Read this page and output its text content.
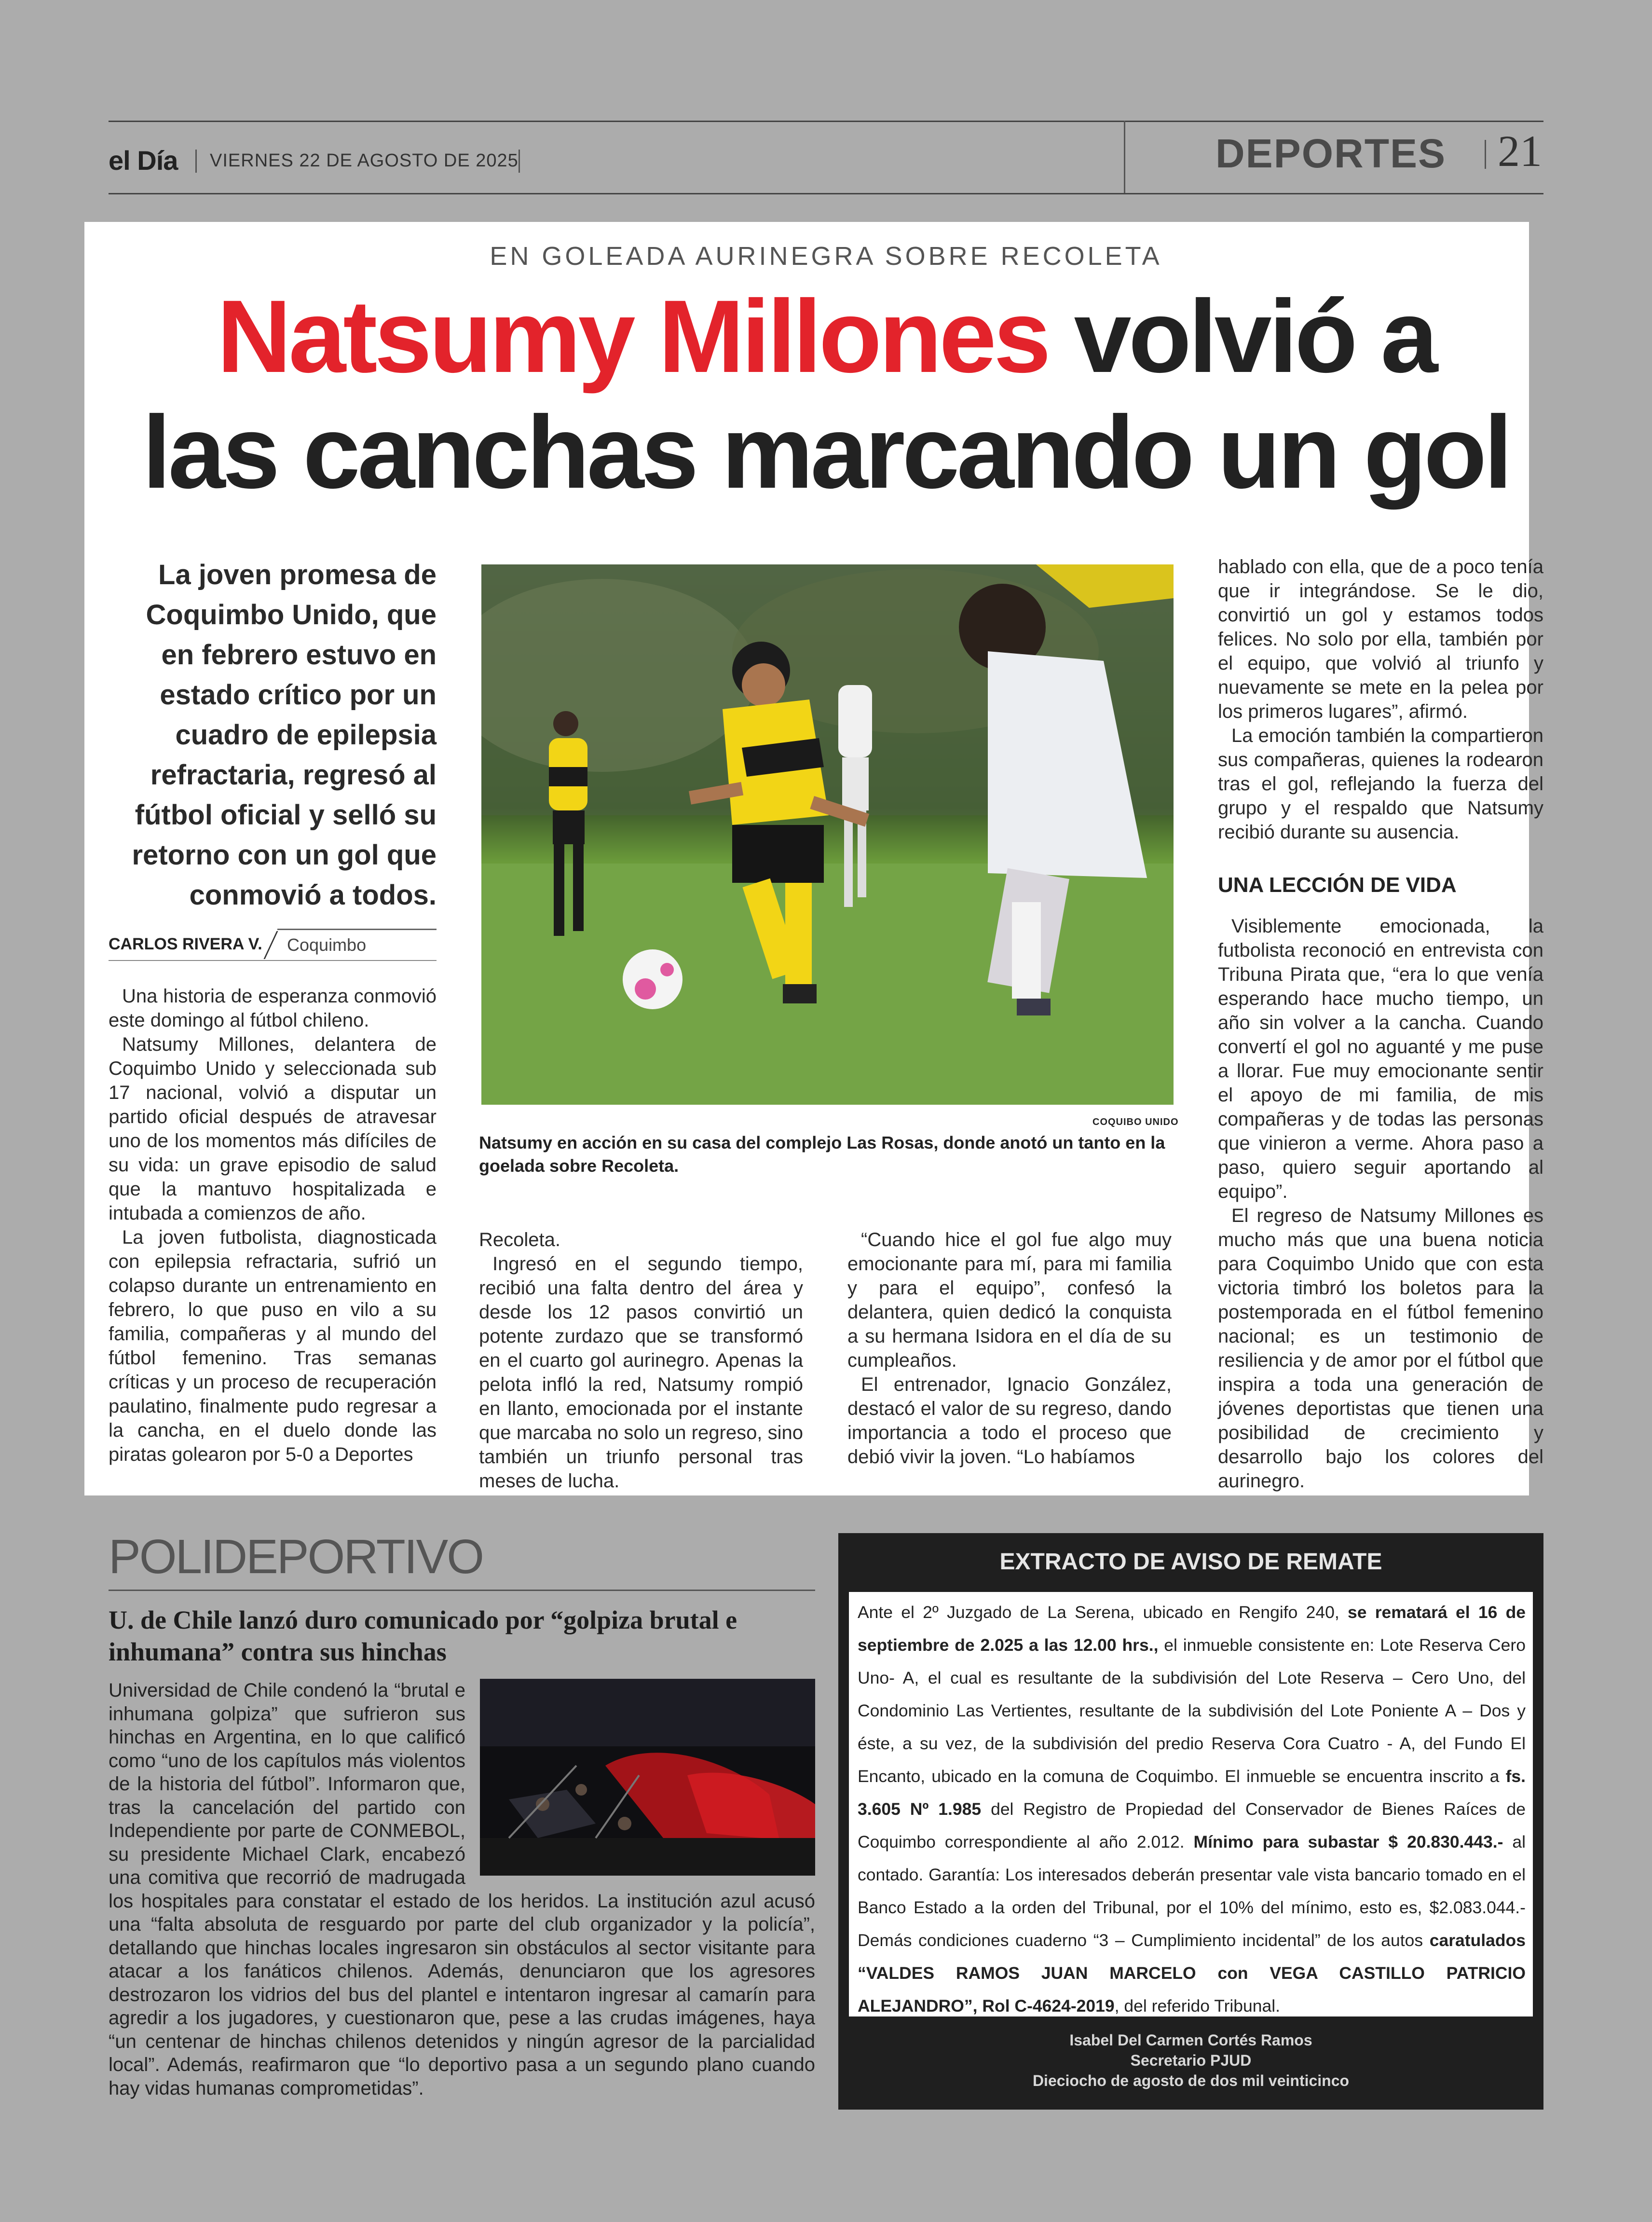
el Día VIERNES 22 DE AGOSTO DE 2025	DEPORTES 21
EN GOLEADA AURINEGRA SOBRE RECOLETA
Natsumy Millones volvió a
las canchas marcando un gol
La joven promesa de Coquimbo Unido, que en febrero estuvo en estado crítico por un cuadro de epilepsia refractaria, regresó al fútbol oficial y selló su retorno con un gol que conmovió a todos.
CARLOS RIVERA V. Coquimbo

Una historia de esperanza conmovió este domingo al fútbol chileno.

Natsumy Millones, delantera de Coquimbo Unido y seleccionada sub 17 nacional, volvió a disputar un partido oficial después de atravesar uno de los momentos más difíciles de su vida: un grave episodio de salud que la mantuvo hospitalizada e intubada a comienzos de año.

La joven futbolista, diagnosticada con epilepsia refractaria, sufrió un colapso durante un entrenamiento en febrero, lo que puso en vilo a su familia, compañeras y al mundo del fútbol femenino. Tras semanas críticas y un proceso de recuperación paulatino, finalmente pudo regresar a la cancha, en el duelo donde las piratas golearon por 5-0 a Deportes

COQUIBO UNIDO
Natsumy en acción en su casa del complejo Las Rosas, donde anotó un tanto en la goelada sobre Recoleta.

Recoleta.

Ingresó en el segundo tiempo, recibió una falta dentro del área y desde los 12 pasos convirtió un potente zurdazo que se transformó en el cuarto gol aurinegro. Apenas la pelota infló la red, Natsumy rompió en llanto, emocionada por el instante que marcaba no solo un regreso, sino también un triunfo personal tras meses de lucha.

“Cuando hice el gol fue algo muy emocionante para mí, para mi familia y para el equipo”, confesó la delantera, quien dedicó la conquista a su hermana Isidora en el día de su cumpleaños.

El entrenador, Ignacio González, destacó el valor de su regreso, dando importancia a todo el proceso que debió vivir la joven. “Lo habíamos

hablado con ella, que de a poco tenía que ir integrándose. Se le dio, convirtió un gol y estamos todos felices. No solo por ella, también por el equipo, que volvió al triunfo y nuevamente se mete en la pelea por los primeros lugares”, afirmó.

La emoción también la compartieron sus compañeras, quienes la rodearon tras el gol, reflejando la fuerza del grupo y el respaldo que Natsumy recibió durante su ausencia.

UNA LECCIÓN DE VIDA

Visiblemente emocionada, la futbolista reconoció en entrevista con Tribuna Pirata que, “era lo que venía esperando hace mucho tiempo, un año sin volver a la cancha. Cuando convertí el gol no aguanté y me puse a llorar. Fue muy emocionante sentir el apoyo de mi familia, de mis compañeras y de todas las personas que vinieron a verme. Ahora paso a paso, quiero seguir aportando al equipo”.

El regreso de Natsumy Millones es mucho más que una buena noticia para Coquimbo Unido que con esta victoria timbró los boletos para la postemporada en el fútbol femenino nacional; es un testimonio de resiliencia y de amor por el fútbol que inspira a toda una generación de jóvenes deportistas que tienen una posibilidad de crecimiento y desarrollo bajo los colores del aurinegro.

POLIDEPORTIVO
U. de Chile lanzó duro comunicado por “golpiza brutal e inhumana” contra sus hinchas
Universidad de Chile condenó la “brutal e inhumana golpiza” que sufrieron sus hinchas en Argentina, en lo que calificó como “uno de los capítulos más violentos de la historia del fútbol”. Informaron que, tras la cancelación del partido con Independiente por parte de CONMEBOL, su presidente Michael Clark, encabezó una comitiva que recorrió de madrugada los hospitales para constatar el estado de los heridos. La institución azul acusó una “falta absoluta de resguardo por parte del club organizador y la policía”, detallando que hinchas locales ingresaron sin obstáculos al sector visitante para atacar a los fanáticos chilenos. Además, denunciaron que los agresores destrozaron los vidrios del bus del plantel e intentaron ingresar al camarín para agredir a los jugadores, y cuestionaron que, pese a las crudas imágenes, haya “un centenar de hinchas chilenos detenidos y ningún agresor de la parcialidad local”. Además, reafirmaron que “lo deportivo pasa a un segundo plano cuando hay vidas humanas comprometidas”.
EXTRACTO DE AVISO DE REMATE
Ante el 2º Juzgado de La Serena, ubicado en Rengifo 240, se rematará el 16 de septiembre de 2.025 a las 12.00 hrs., el inmueble consistente en: Lote Reserva Cero Uno- A, el cual es resultante de la subdivisión del Lote Reserva – Cero Uno, del Condominio Las Vertientes, resultante de la subdivisión del Lote Poniente A – Dos y éste, a su vez, de la subdivisión del predio Reserva Cora Cuatro - A, del Fundo El Encanto, ubicado en la comuna de Coquimbo. El inmueble se encuentra inscrito a fs. 3.605 Nº 1.985 del Registro de Propiedad del Conservador de Bienes Raíces de Coquimbo correspondiente al año 2.012. Mínimo para subastar $ 20.830.443.- al contado. Garantía: Los interesados deberán presentar vale vista bancario tomado en el Banco Estado a la orden del Tribunal, por el 10% del mínimo, esto es, $2.083.044.- Demás condiciones cuaderno “3 – Cumplimiento incidental” de los autos caratulados “VALDES RAMOS JUAN MARCELO con VEGA CASTILLO PATRICIO ALEJANDRO”, Rol C-4624-2019, del referido Tribunal.
Isabel Del Carmen Cortés Ramos
Secretario PJUD
Dieciocho de agosto de dos mil veinticinco
